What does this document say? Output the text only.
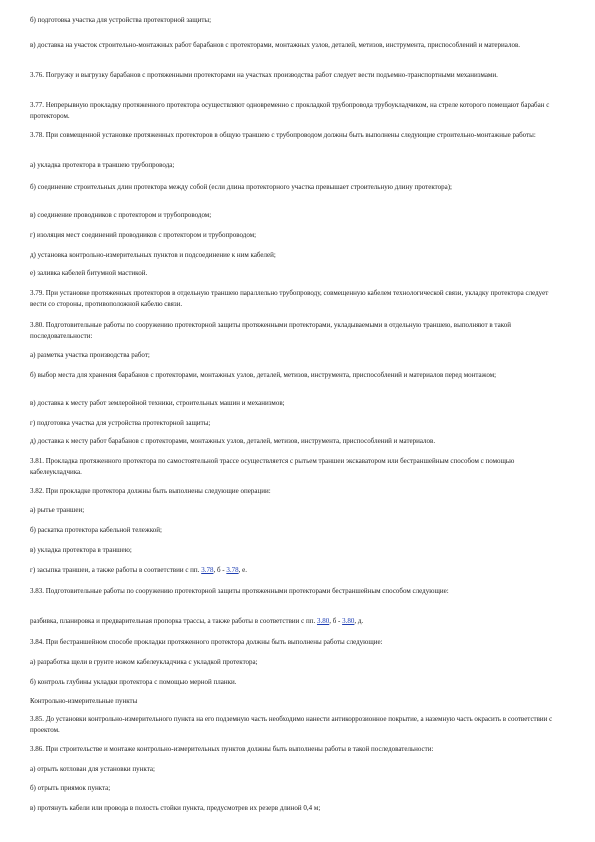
б) подготовка участка для устройства протекторной защиты;

в) доставка на участок строительно-монтажных работ барабанов с протекторами, монтажных узлов, деталей, метизов, инструмента, приспособлений и материалов.

3.76. Погрузку и выгрузку барабанов с протяженными протекторами на участках производства работ следует вести подъемно-транспортными механизмами.

3.77. Непрерывную прокладку протяженного протектора осуществляют одновременно с прокладкой трубопровода трубоукладчиком, на стреле которого помещают барабан с протектором.

3.78. При совмещенной установке протяженных протекторов в общую траншею с трубопроводом должны быть выполнены следующие строительно-монтажные работы:

а) укладка протектора в траншею трубопровода;

б) соединение строительных длин протектора между собой (если длина протекторного участка превышает строительную длину протектора);

в) соединение проводников с протектором и трубопроводом;

г) изоляция мест соединений проводников с протектором и трубопроводом;

д) установка контрольно-измерительных пунктов и подсоединение к ним кабелей;

е) заливка кабелей битумной мастикой.

3.79. При установке протяженных протекторов в отдельную траншею параллельно трубопроводу, совмещенную кабелем технологической связи, укладку протектора следует вести со стороны, противоположной кабелю связи.

3.80. Подготовительные работы по сооружению протекторной защиты протяженными протекторами, укладываемыми в отдельную траншею, выполняют в такой последовательности:

а) разметка участка производства работ;

б) выбор места для хранения барабанов с протекторами, монтажных узлов, деталей, метизов, инструмента, приспособлений и материалов перед монтажом;

в) доставка к месту работ землеройной техники, строительных машин и механизмов;

г) подготовка участка для устройства протекторной защиты;

д) доставка к месту работ барабанов с протекторами, монтажных узлов, деталей, метизов, инструмента, приспособлений и материалов.

3.81. Прокладка протяженного протектора по самостоятельной трассе осуществляется с рытьем траншеи экскаватором или бестраншейным способом с помощью кабелеукладчика.

3.82. При прокладке протектора должны быть выполнены следующие операции:

а) рытье траншеи;

б) раскатка протектора кабельной тележкой;

в) укладка протектора в траншею;

г) засыпка траншеи, а также работы в соответствии с пп. 3.78, б - 3.78, е.

3.83. Подготовительные работы по сооружению протекторной защиты протяженными протекторами бестраншейным способом следующие:

разбивка, планировка и предварительная пропорка трассы, а также работы в соответствии с пп. 3.80, б - 3.80, д.

3.84. При бестраншейном способе прокладки протяженного протектора должны быть выполнены работы следующие:

а) разработка щели в грунте ножом кабелеукладчика с укладкой протектора;

б) контроль глубины укладки протектора с помощью мерной планки.

Контрольно-измерительные пункты

3.85. До установки контрольно-измерительного пункта на его подземную часть необходимо нанести антикоррозионное покрытие, а наземную часть окрасить в соответствии с проектом.

3.86. При строительстве и монтаже контрольно-измерительных пунктов должны быть выполнены работы в такой последовательности:

а) отрыть котлован для установки пункта;

б) отрыть приямок пункта;

в) протянуть кабели или провода в полость стойки пункта, предусмотрев их резерв длиной 0,4 м;
